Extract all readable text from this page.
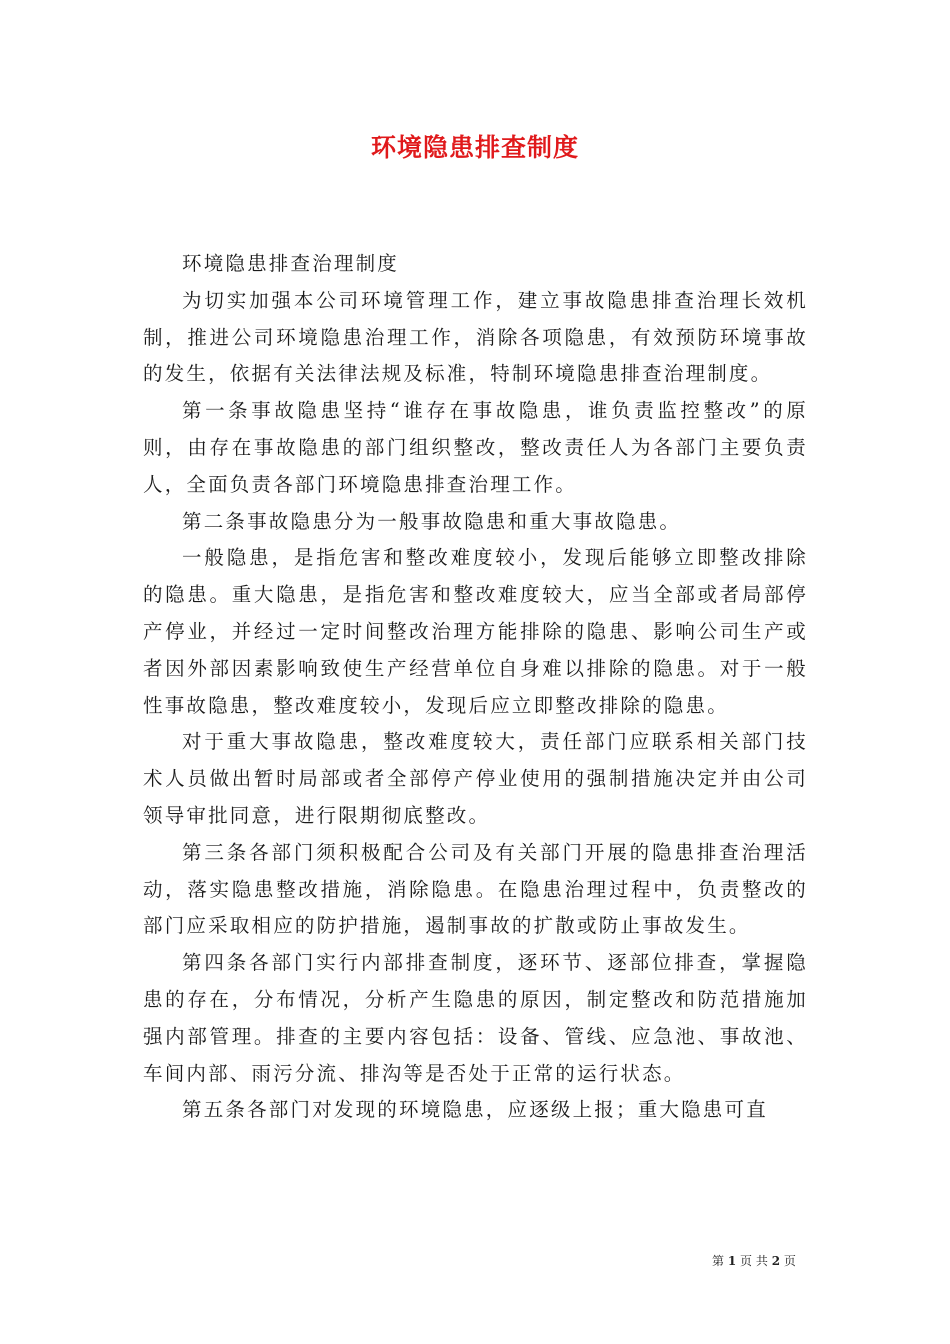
环境隐患排查制度

环境隐患排查治理制度

为切实加强本公司环境管理工作，建立事故隐患排查治理长效机制，推进公司环境隐患治理工作，消除各项隐患，有效预防环境事故的发生，依据有关法律法规及标准，特制环境隐患排查治理制度。

第一条事故隐患坚持“谁存在事故隐患，谁负责监控整改”的原则，由存在事故隐患的部门组织整改，整改责任人为各部门主要负责人，全面负责各部门环境隐患排查治理工作。

第二条事故隐患分为一般事故隐患和重大事故隐患。

一般隐患，是指危害和整改难度较小，发现后能够立即整改排除的隐患。重大隐患，是指危害和整改难度较大，应当全部或者局部停产停业，并经过一定时间整改治理方能排除的隐患、影响公司生产或者因外部因素影响致使生产经营单位自身难以排除的隐患。对于一般性事故隐患，整改难度较小，发现后应立即整改排除的隐患。

对于重大事故隐患，整改难度较大，责任部门应联系相关部门技术人员做出暂时局部或者全部停产停业使用的强制措施决定并由公司领导审批同意，进行限期彻底整改。

第三条各部门须积极配合公司及有关部门开展的隐患排查治理活动，落实隐患整改措施，消除隐患。在隐患治理过程中，负责整改的部门应采取相应的防护措施，遏制事故的扩散或防止事故发生。

第四条各部门实行内部排查制度，逐环节、逐部位排查，掌握隐患的存在，分布情况，分析产生隐患的原因，制定整改和防范措施加强内部管理。排查的主要内容包括：设备、管线、应急池、事故池、车间内部、雨污分流、排沟等是否处于正常的运行状态。

第五条各部门对发现的环境隐患，应逐级上报；重大隐患可直

第 1 页 共 2 页
